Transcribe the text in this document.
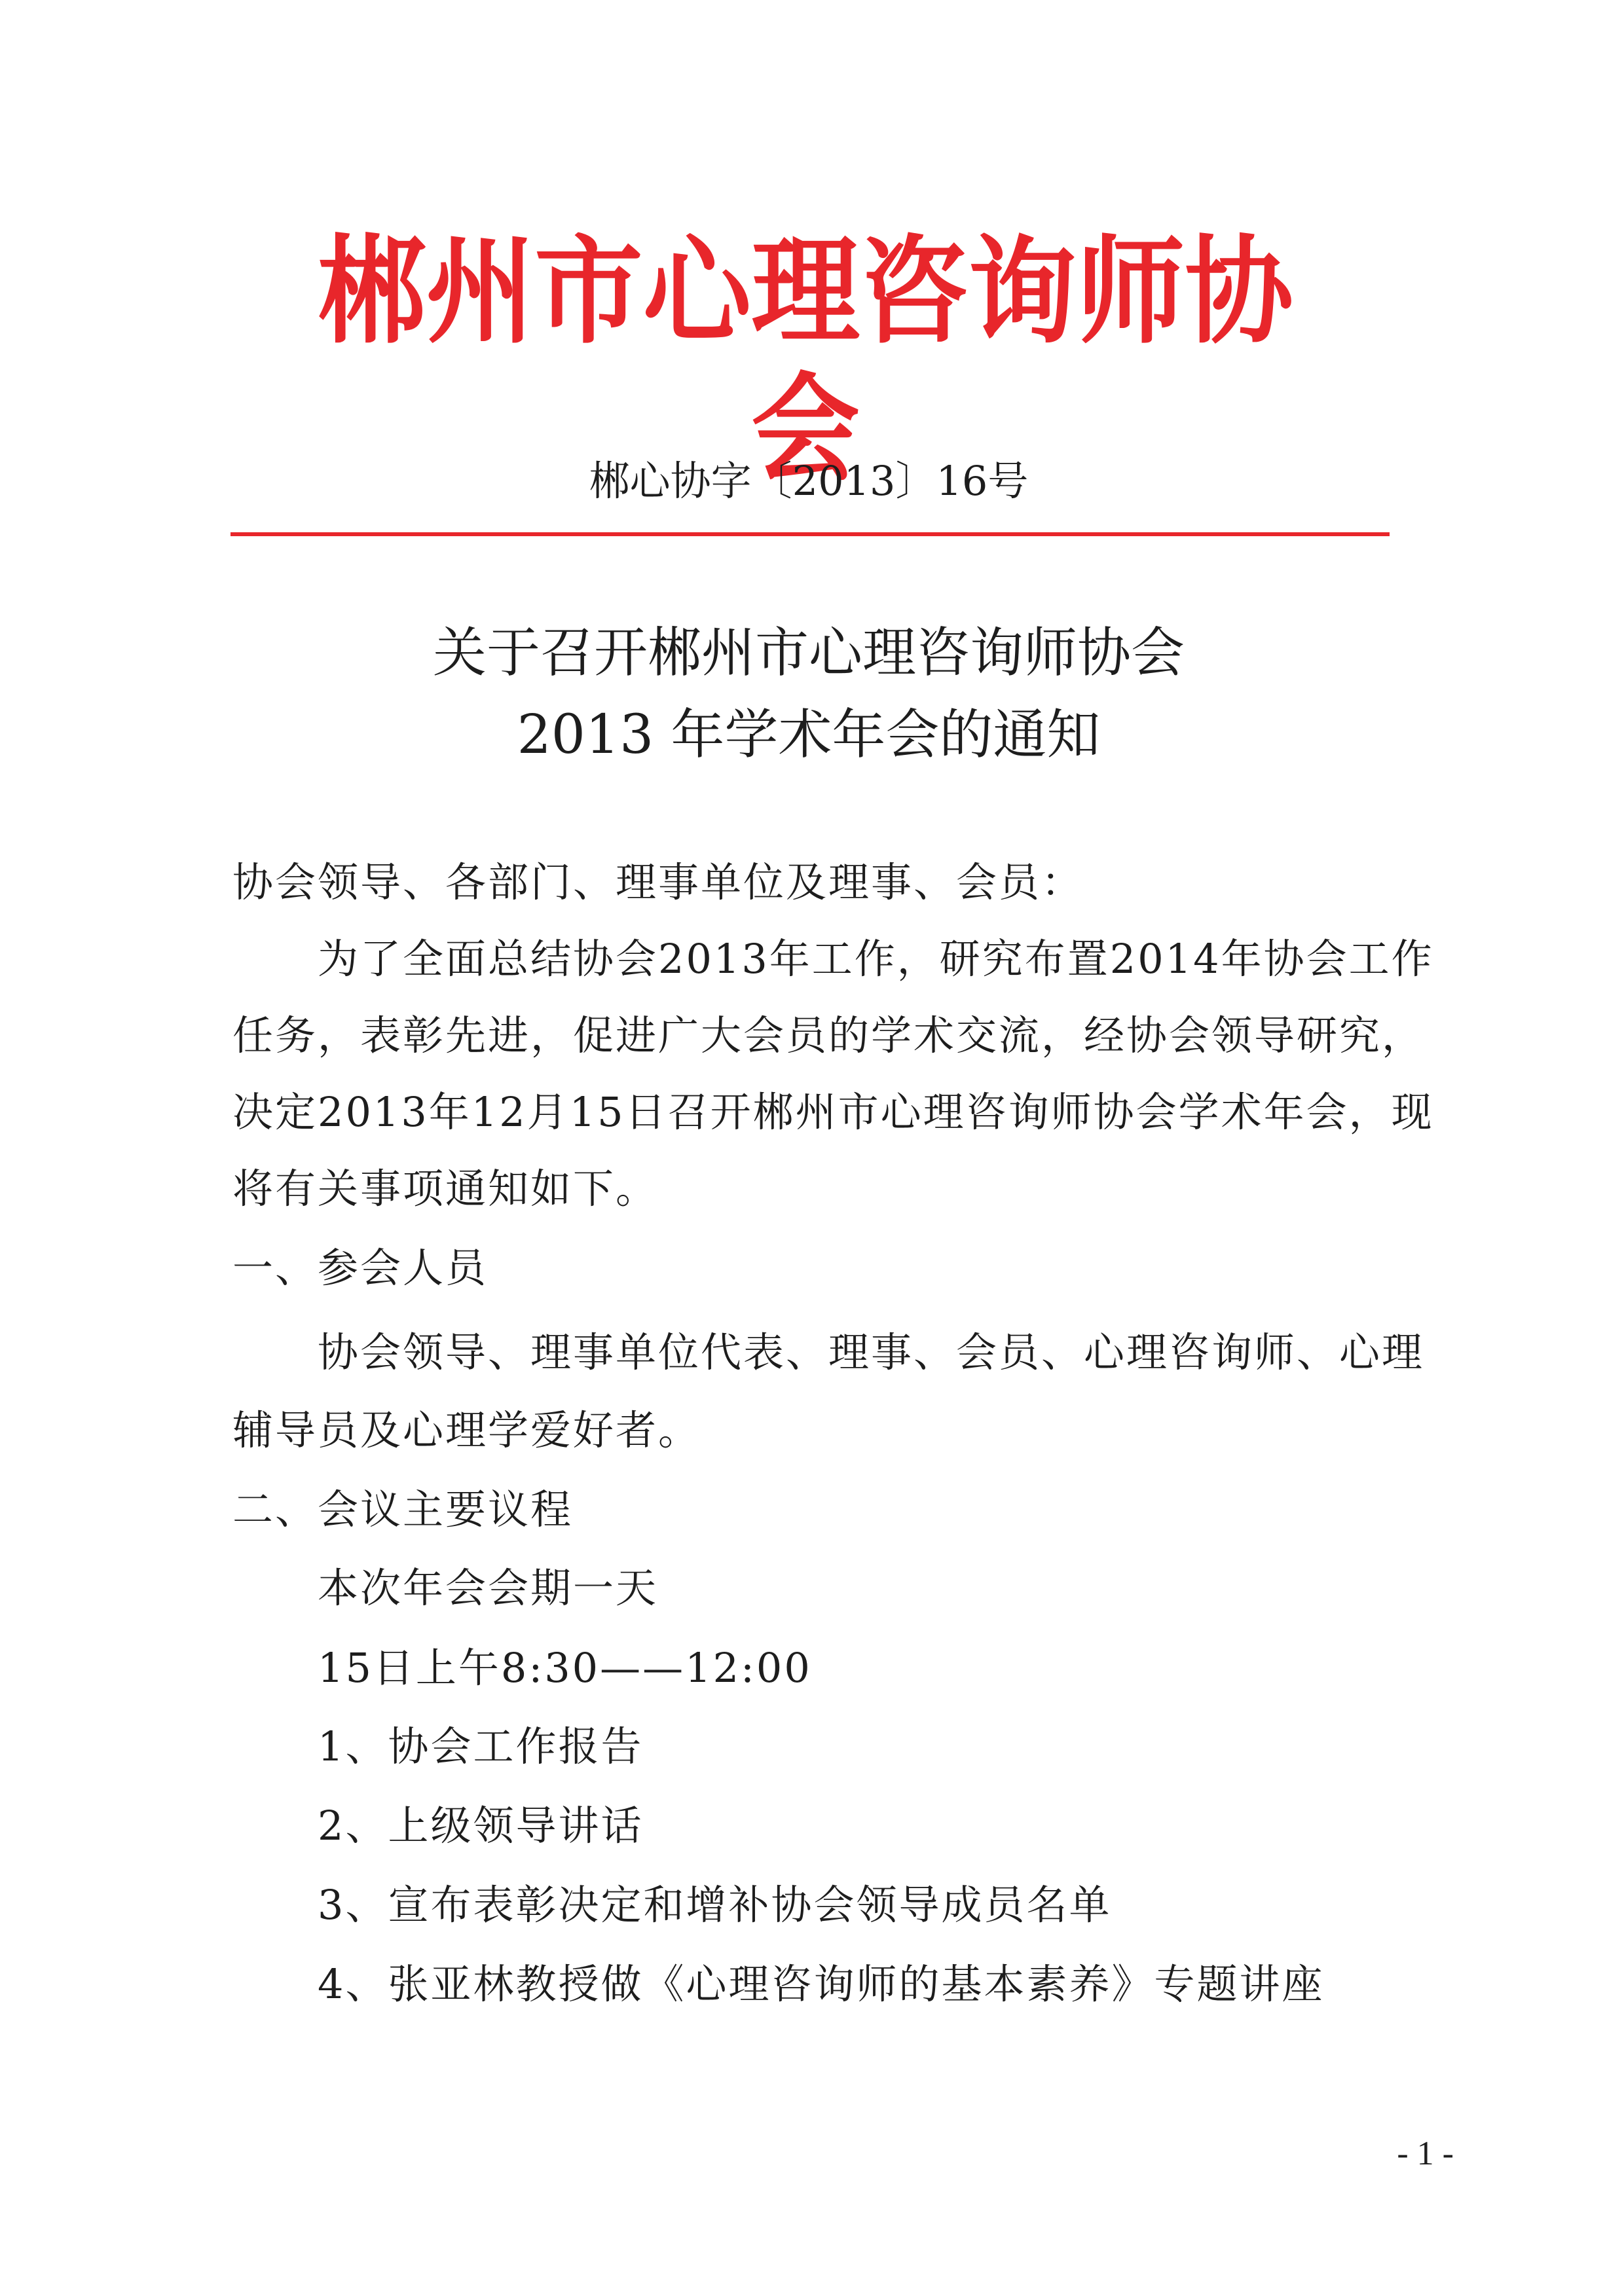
郴州市心理咨询师协会
郴心协字〔2013〕16号
关于召开郴州市心理咨询师协会
2013 年学术年会的通知
协会领导、各部门、理事单位及理事、会员：
为了全面总结协会2013年工作，研究布置2014年协会工作
任务，表彰先进，促进广大会员的学术交流，经协会领导研究，
决定2013年12月15日召开郴州市心理咨询师协会学术年会，现
将有关事项通知如下。
一、参会人员
协会领导、理事单位代表、理事、会员、心理咨询师、心理
辅导员及心理学爱好者。
二、会议主要议程
本次年会会期一天
15日上午8:30——12:00
1、协会工作报告
2、上级领导讲话
3、宣布表彰决定和增补协会领导成员名单
4、张亚林教授做《心理咨询师的基本素养》专题讲座
- 1 -
